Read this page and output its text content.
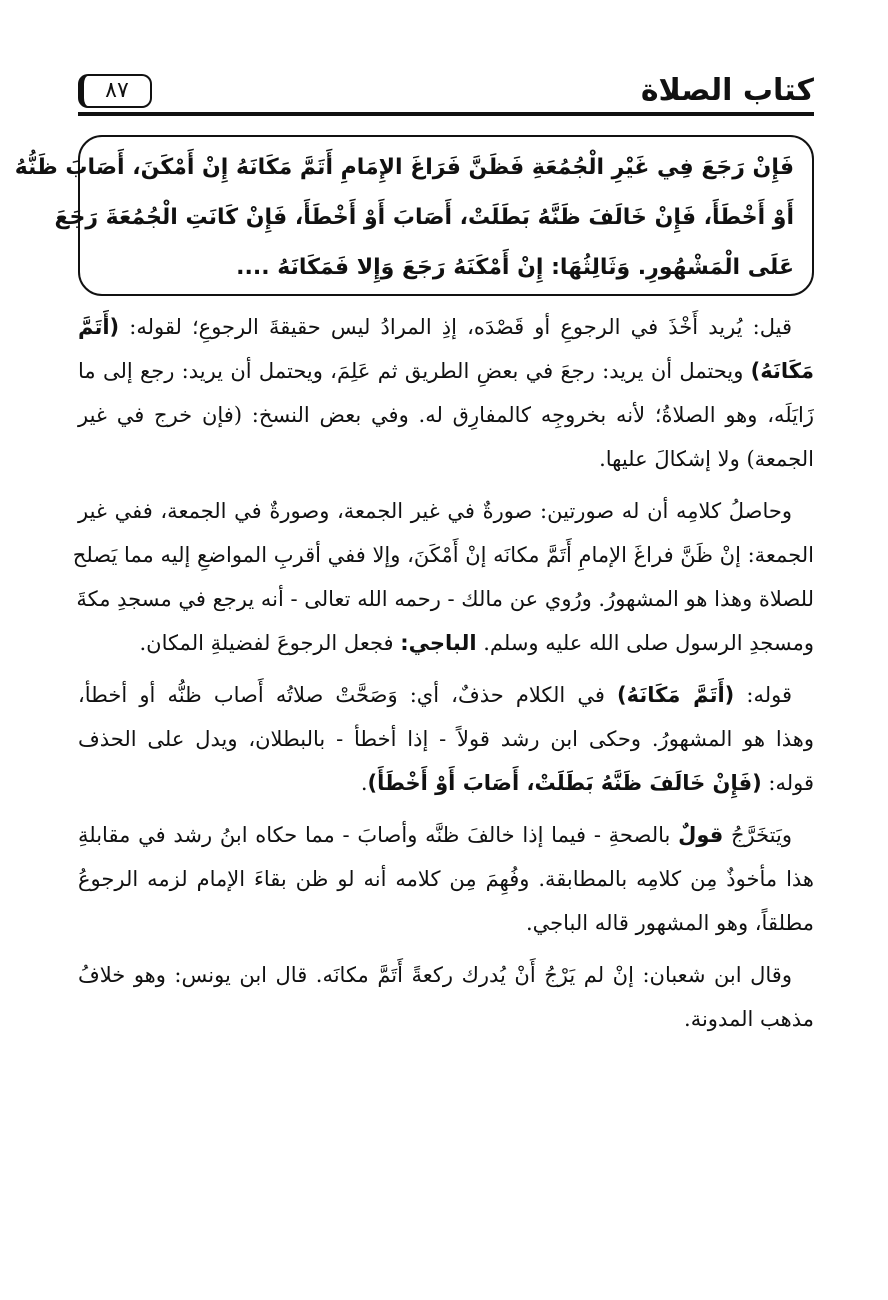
كتاب الصلاة
٨٧
فَإِنْ رَجَعَ فِي غَيْرِ الْجُمُعَةِ فَظَنَّ فَرَاغَ الإِمَامِ أَتَمَّ مَكَانَهُ إِنْ أَمْكَنَ، أَصَابَ ظَنُّهُ
أَوْ أَخْطَأَ، فَإِنْ خَالَفَ ظَنَّهُ بَطَلَتْ، أَصَابَ أَوْ أَخْطَأَ، فَإِنْ كَانَتِ الْجُمُعَةَ رَجَعَ
عَلَى الْمَشْهُورِ. وَثَالِثُهَا: إِنْ أَمْكَنَهُ رَجَعَ وَإِلا فَمَكَانَهُ ....
قيل: يُريد أَخْذَ في الرجوعِ أو قَصْدَه، إذِ المرادُ ليس حقيقةَ الرجوعِ؛ لقوله: (أَتَمَّ
مَكَانَهُ) ويحتمل أن يريد: رجعَ في بعضِ الطريق ثم عَلِمَ، ويحتمل أن يريد: رجع إلى ما
زَايَلَه، وهو الصلاةُ؛ لأنه بخروجِه كالمفارِق له. وفي بعض النسخ: (فإن خرج في غير
الجمعة) ولا إشكالَ عليها.
وحاصلُ كلامِه أن له صورتين: صورةٌ في غير الجمعة، وصورةٌ في الجمعة، ففي غير
الجمعة: إنْ ظَنَّ فراغَ الإمامِ أَتَمَّ مكانَه إنْ أَمْكَنَ، وإلا ففي أقربِ المواضعِ إليه مما يَصلح
للصلاة وهذا هو المشهورُ. ورُوي عن مالك - رحمه الله تعالى - أنه يرجع في مسجدِ مكةَ
ومسجدِ الرسول صلى الله عليه وسلم. الباجي: فجعل الرجوعَ لفضيلةِ المكان.
قوله: (أَتَمَّ مَكَانَهُ) في الكلام حذفٌ، أي: وَصَحَّتْ صلاتُه أَصاب ظنُّه أو أخطأ،
وهذا هو المشهورُ. وحكى ابن رشد قولاً - إذا أخطأ - بالبطلان، ويدل على الحذف
قوله: (فَإِنْ خَالَفَ ظَنَّهُ بَطَلَتْ، أَصَابَ أَوْ أَخْطَأَ).
ويَتخَرَّجُ قولٌ بالصحةِ - فيما إذا خالفَ ظنَّه وأصابَ - مما حكاه ابنُ رشد في مقابلةِ
هذا مأخوذٌ مِن كلامِه بالمطابقة. وفُهِمَ مِن كلامه أنه لو ظن بقاءَ الإمام لزمه الرجوعُ
مطلقاً، وهو المشهور قاله الباجي.
وقال ابن شعبان: إنْ لم يَرْجُ أَنْ يُدرك ركعةً أَتَمَّ مكانَه. قال ابن يونس: وهو خلافُ
مذهب المدونة.
